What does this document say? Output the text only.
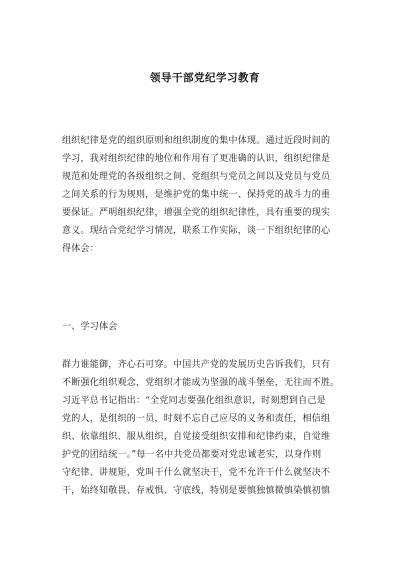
领导干部党纪学习教育
组织纪律是党的组织原则和组织制度的集中体现。通过近段时间的
学习，我对组织纪律的地位和作用有了更准确的认识，组织纪律是
规范和处理党的各级组织之间、党组织与党员之间以及党员与党员
之间关系的行为规则，是维护党的集中统一、保持党的战斗力的重
要保证。严明组织纪律，增强全党的组织纪律性，具有重要的现实
意义。现结合党纪学习情况，联系工作实际，谈一下组织纪律的心
得体会：
一、学习体会
群力谁能御，齐心石可穿。中国共产党的发展历史告诉我们，只有
不断强化组织观念，党组织才能成为坚强的战斗堡垒，无往而不胜。
习近平总书记指出：“全党同志要强化组织意识，时刻想到自己是
党的人，是组织的一员，时刻不忘自己应尽的义务和责任，相信组
织、依靠组织、服从组织，自觉接受组织安排和纪律约束，自觉维
护党的团结统一。”每一名中共党员都要对党忠诚老实，以身作则
守纪律、讲规矩，党叫干什么就坚决干，党不允许干什么就坚决不
干，始终知敬畏、存戒惧、守底线，特别是要慎独慎微慎染慎初慎
